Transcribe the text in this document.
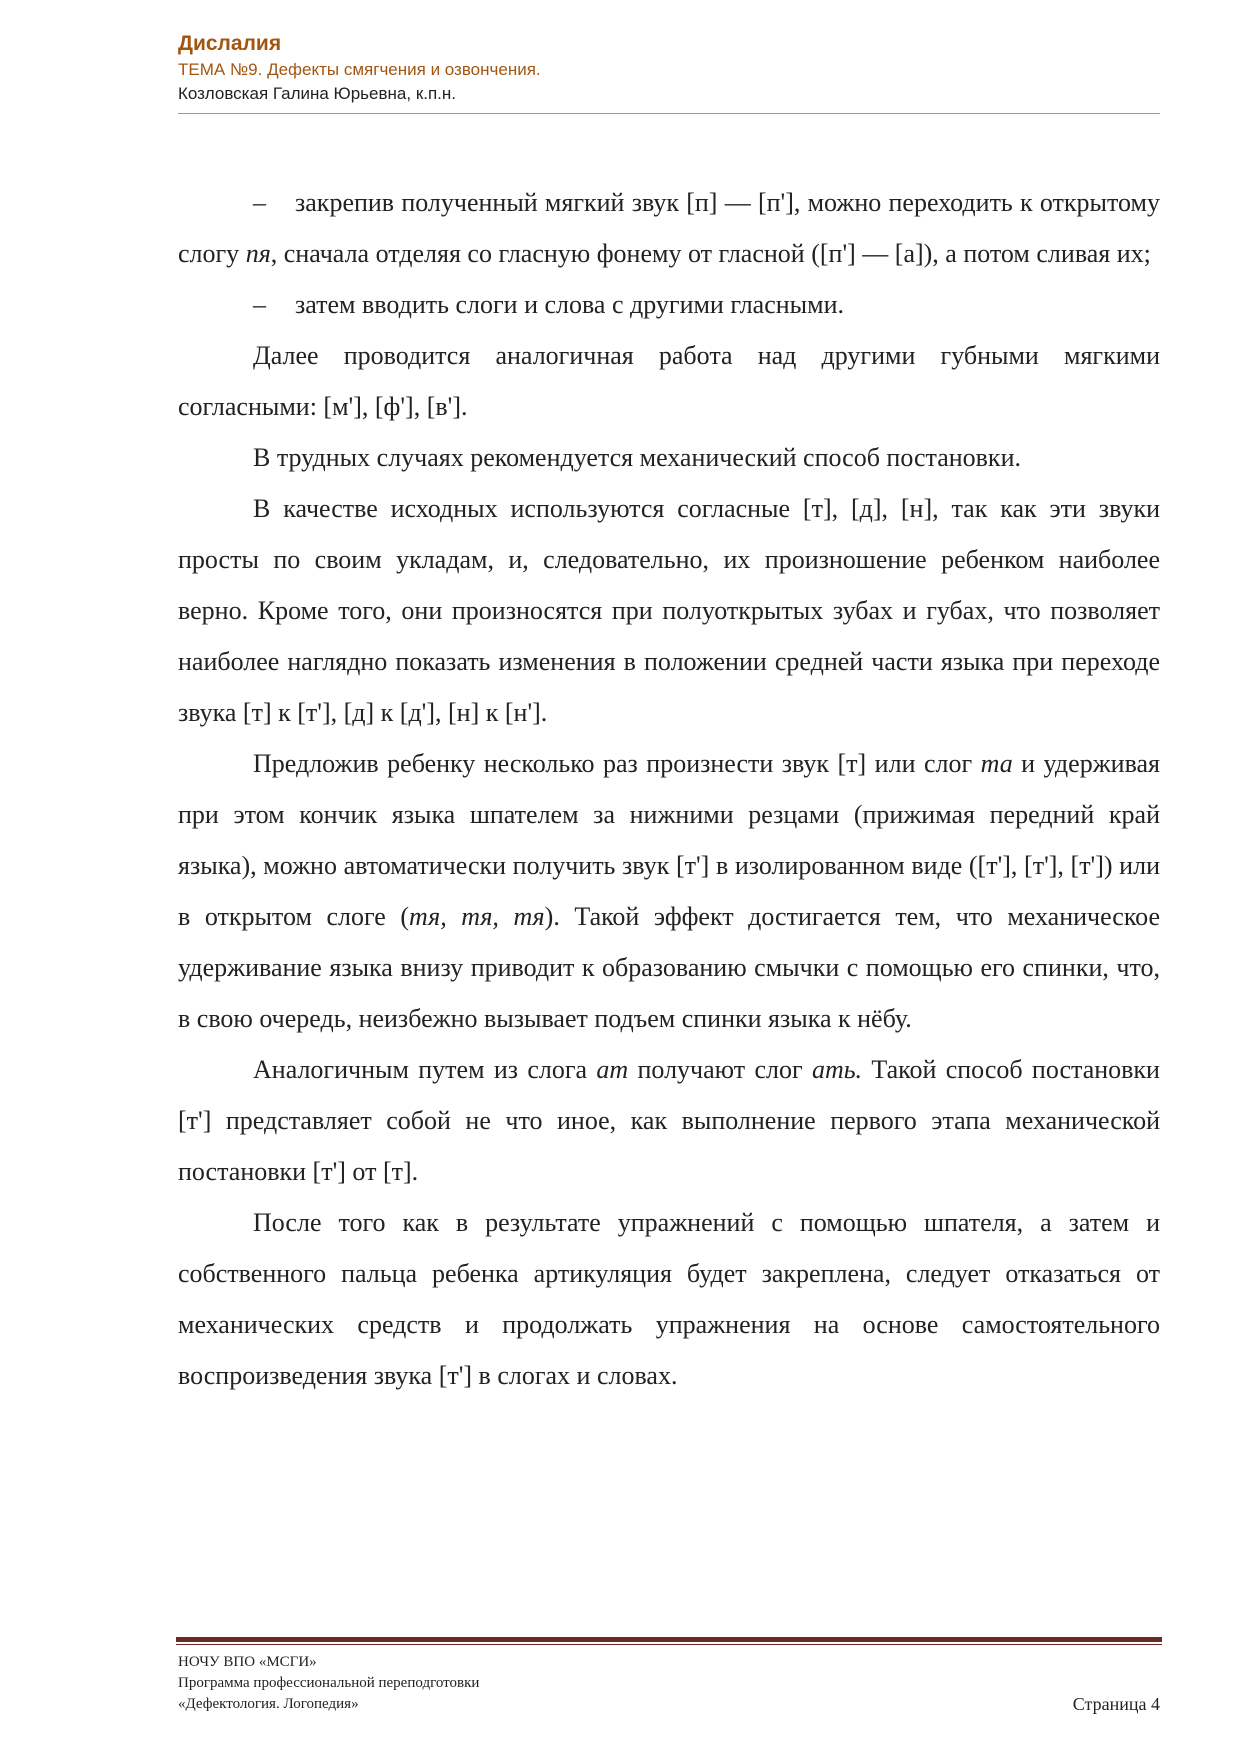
Дислалия
ТЕМА №9. Дефекты смягчения и озвончения.
Козловская Галина Юрьевна, к.п.н.

– закрепив полученный мягкий звук [п] — [п'], можно переходить к открытому слогу пя, сначала отделяя со гласную фонему от гласной ([п'] — [а]), а потом сливая их;

– затем вводить слоги и слова с другими гласными.

Далее проводится аналогичная работа над другими губными мягкими согласными: [м'], [ф'], [в'].

В трудных случаях рекомендуется механический способ постановки.

В качестве исходных используются согласные [т], [д], [н], так как эти звуки просты по своим укладам, и, следовательно, их произношение ребенком наиболее верно. Кроме того, они произносятся при полуоткрытых зубах и губах, что позволяет наиболее наглядно показать изменения в положении средней части языка при переходе звука [т] к [т'], [д] к [д'], [н] к [н'].

Предложив ребенку несколько раз произнести звук [т] или слог та и удерживая при этом кончик языка шпателем за нижними резцами (прижимая передний край языка), можно автоматически получить звук [т'] в изолированном виде ([т'], [т'], [т']) или в открытом слоге (тя, тя, тя). Такой эффект достигается тем, что механическое удерживание языка внизу приводит к образованию смычки с помощью его спинки, что, в свою очередь, неизбежно вызывает подъем спинки языка к нёбу.

Аналогичным путем из слога ат получают слог ать. Такой способ постановки [т'] представляет собой не что иное, как выполнение первого этапа механической постановки [т'] от [т].

После того как в результате упражнений с помощью шпателя, а затем и собственного пальца ребенка артикуляция будет закреплена, следует отказаться от механических средств и продолжать упражнения на основе самостоятельного воспроизведения звука [т'] в слогах и словах.

НОЧУ ВПО «МСГИ»
Программа профессиональной переподготовки
«Дефектология. Логопедия»	Страница 4
